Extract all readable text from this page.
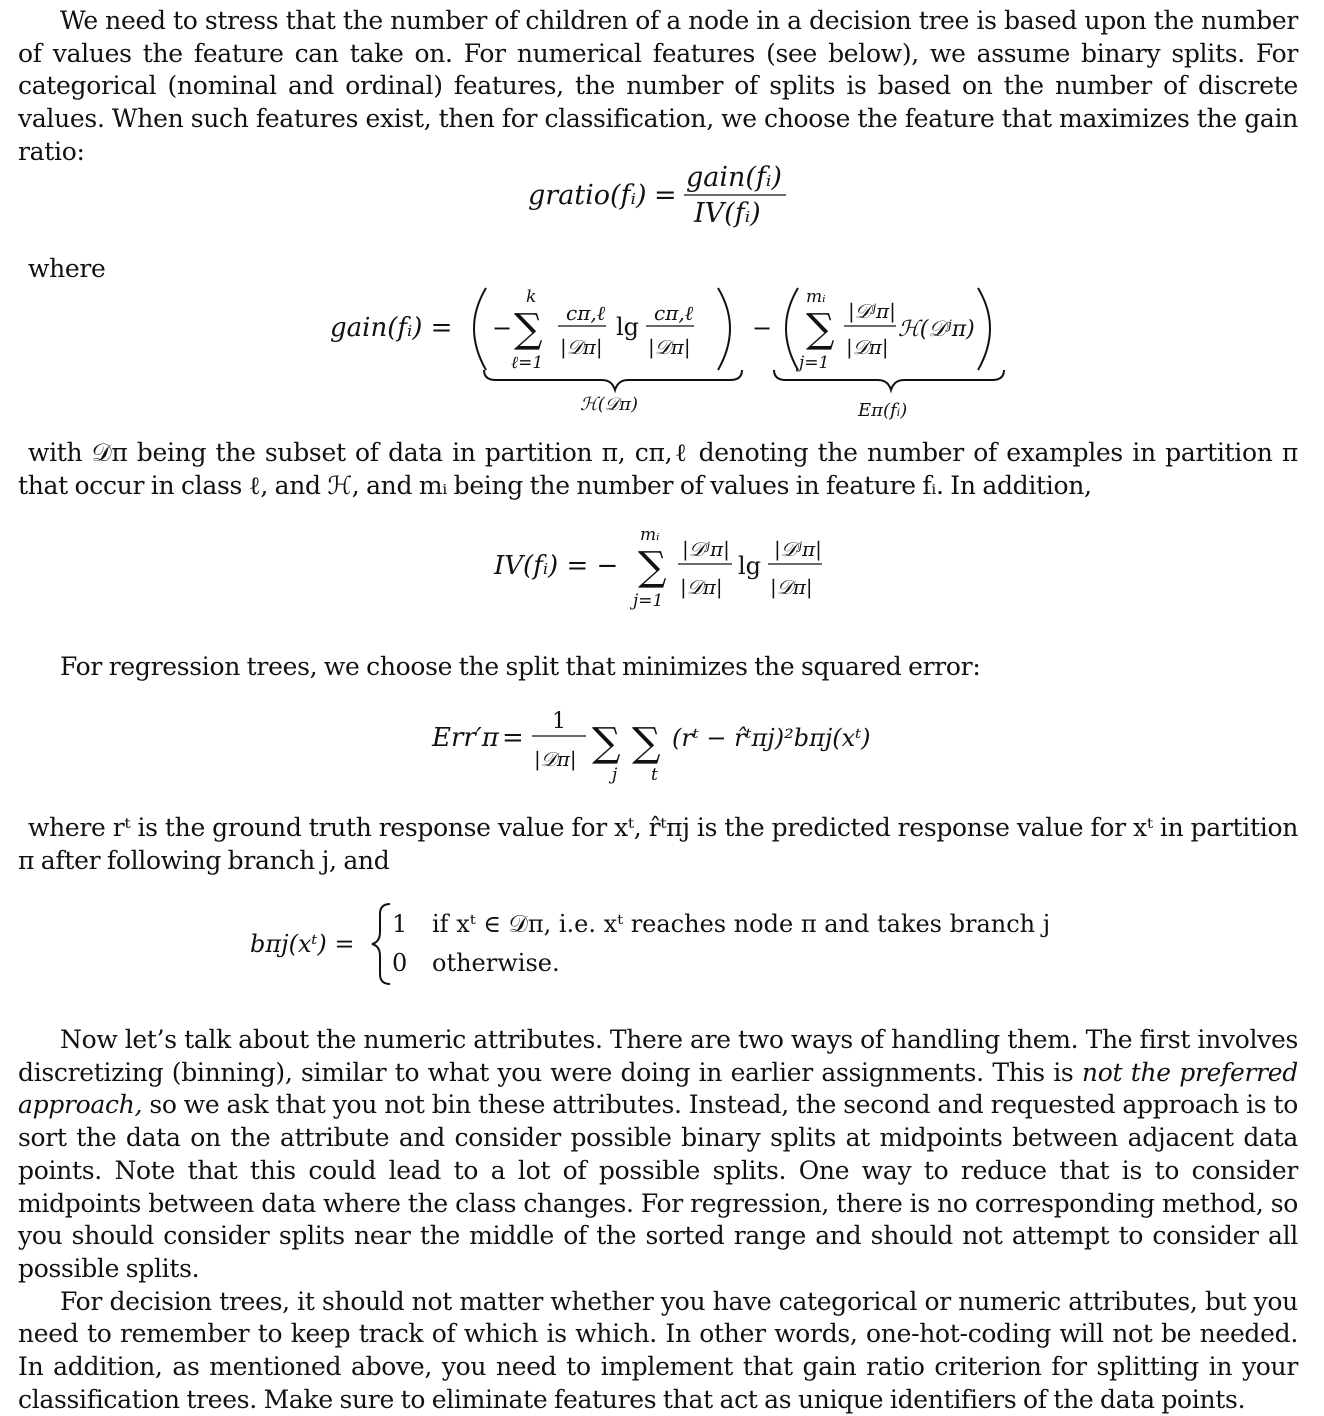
We need to stress that the number of children of a node in a decision tree is based upon the number of values the feature can take on. For numerical features (see below), we assume binary splits. For categorical (nominal and ordinal) features, the number of splits is based on the number of discrete values. When such features exist, then for classification, we choose the feature that maximizes the gain ratio:

gratio(fᵢ) =
gain(fᵢ)
IV(fᵢ)

where

gain(fᵢ) = −
k
∑
ℓ=1
cπ,ℓ
|𝒟π|
lg cπ,ℓ
|𝒟π|
−
mᵢ
∑
j=1
|𝒟ʲπ|
|𝒟π|
ℋ(𝒟ʲπ)
ℋ(𝒟π)	Eπ(fᵢ)

with 𝒟π being the subset of data in partition π, cπ,ℓ denoting the number of examples in partition π that occur in class ℓ, and ℋ, and mᵢ being the number of values in feature fᵢ. In addition,

IV(fᵢ) = −
mᵢ
∑
j=1
|𝒟ʲπ|
|𝒟π|
lg
|𝒟ʲπ|
|𝒟π|

For regression trees, we choose the split that minimizes the squared error:

Err′π =
1
|𝒟π| ∑ ∑
j t
(rᵗ − r̂ᵗπj)²bπj(xᵗ)

where rᵗ is the ground truth response value for xᵗ, r̂ᵗπj is the predicted response value for xᵗ in partition π after following branch j, and

bπj(xᵗ) =
1 if xᵗ ∈ 𝒟π, i.e. xᵗ reaches node π and takes branch j
0 otherwise.

Now let’s talk about the numeric attributes. There are two ways of handling them. The first involves discretizing (binning), similar to what you were doing in earlier assignments. This is not the preferred approach, so we ask that you not bin these attributes. Instead, the second and requested approach is to sort the data on the attribute and consider possible binary splits at midpoints between adjacent data points. Note that this could lead to a lot of possible splits. One way to reduce that is to consider midpoints between data where the class changes. For regression, there is no corresponding method, so you should consider splits near the middle of the sorted range and should not attempt to consider all possible splits.

For decision trees, it should not matter whether you have categorical or numeric attributes, but you need to remember to keep track of which is which. In other words, one-hot-coding will not be needed. In addition, as mentioned above, you need to implement that gain ratio criterion for splitting in your classification trees. Make sure to eliminate features that act as unique identifiers of the data points.
